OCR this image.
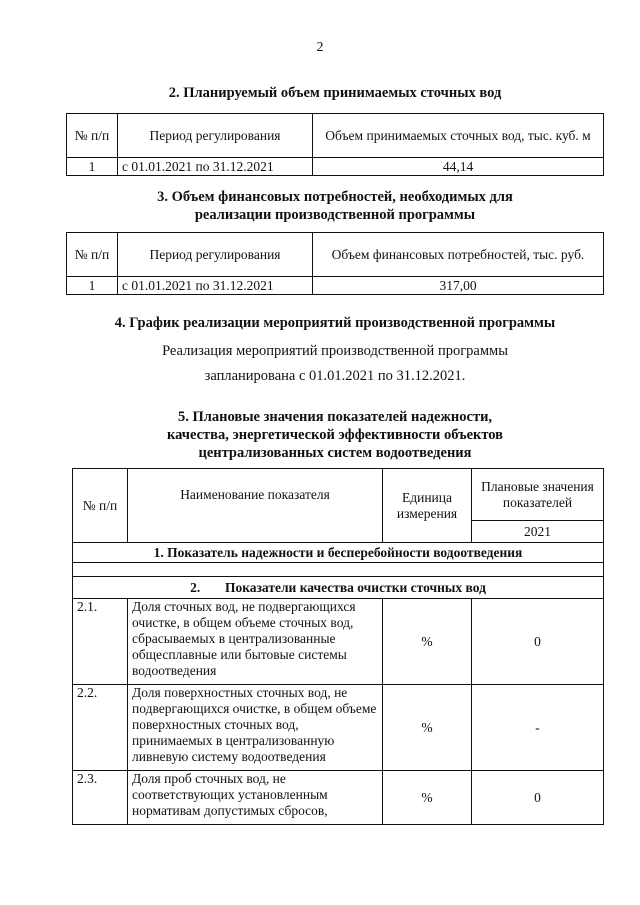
2
2. Планируемый объем принимаемых сточных вод
№ п/п	Период регулирования	Объем принимаемых сточных вод, тыс. куб. м
1	с 01.01.2021 по 31.12.2021	44,14
3. Объем финансовых потребностей, необходимых для
реализации производственной программы
№ п/п	Период регулирования	Объем финансовых потребностей, тыс. руб.
1	с 01.01.2021 по 31.12.2021	317,00
4. График реализации мероприятий производственной программы
Реализация мероприятий производственной программы
запланирована с 01.01.2021 по 31.12.2021.
5. Плановые значения показателей надежности,
качества, энергетической эффективности объектов
централизованных систем водоотведения
№ п/п	Наименование показателя	Единица измерения	Плановые значения показателей
			2021
1. Показатель надежности и бесперебойности водоотведения			

2. Показатели качества очистки сточных вод			
2.1.	Доля сточных вод, не подвергающихся очистке, в общем объеме сточных вод, сбрасываемых в централизованные общесплавные или бытовые системы водоотведения	%	0
2.2.	Доля поверхностных сточных вод, не подвергающихся очистке, в общем объеме поверхностных сточных вод, принимаемых в централизованную ливневую систему водоотведения	%	-
2.3.	Доля проб сточных вод, не соответствующих установленным нормативам допустимых сбросов,	%	0
